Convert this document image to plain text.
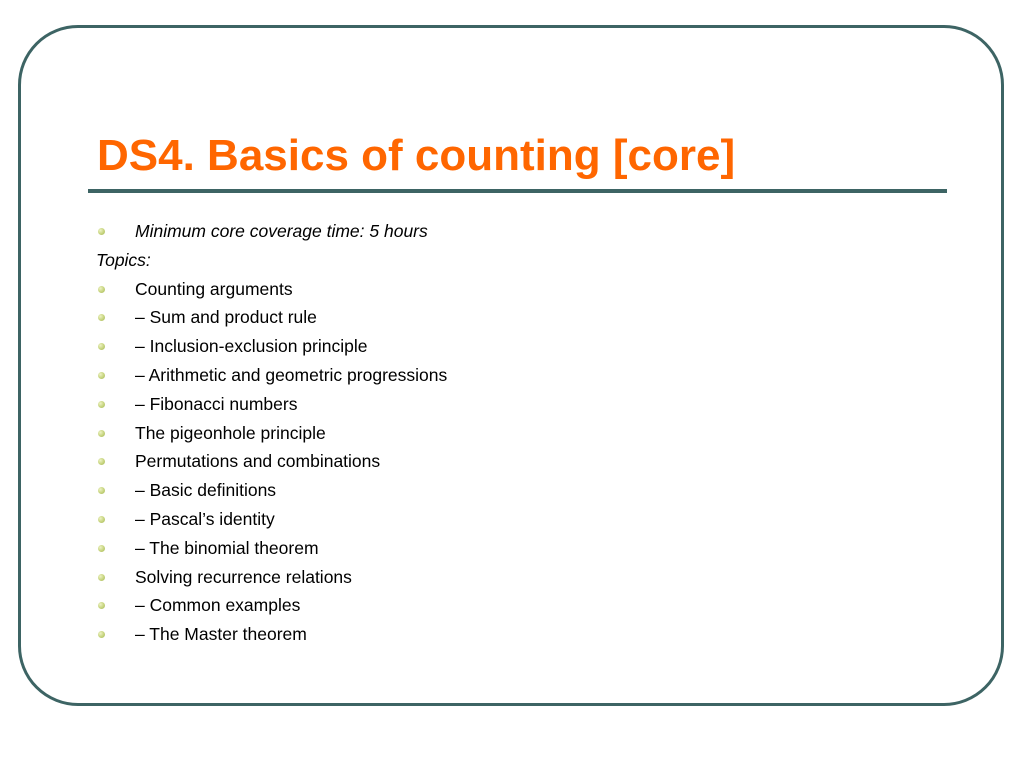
DS4. Basics of counting [core]
Minimum core coverage time: 5 hours
Topics:
Counting arguments
– Sum and product rule
– Inclusion-exclusion principle
– Arithmetic and geometric progressions
– Fibonacci numbers
The pigeonhole principle
Permutations and combinations
– Basic definitions
– Pascal’s identity
– The binomial theorem
Solving recurrence relations
– Common examples
– The Master theorem
